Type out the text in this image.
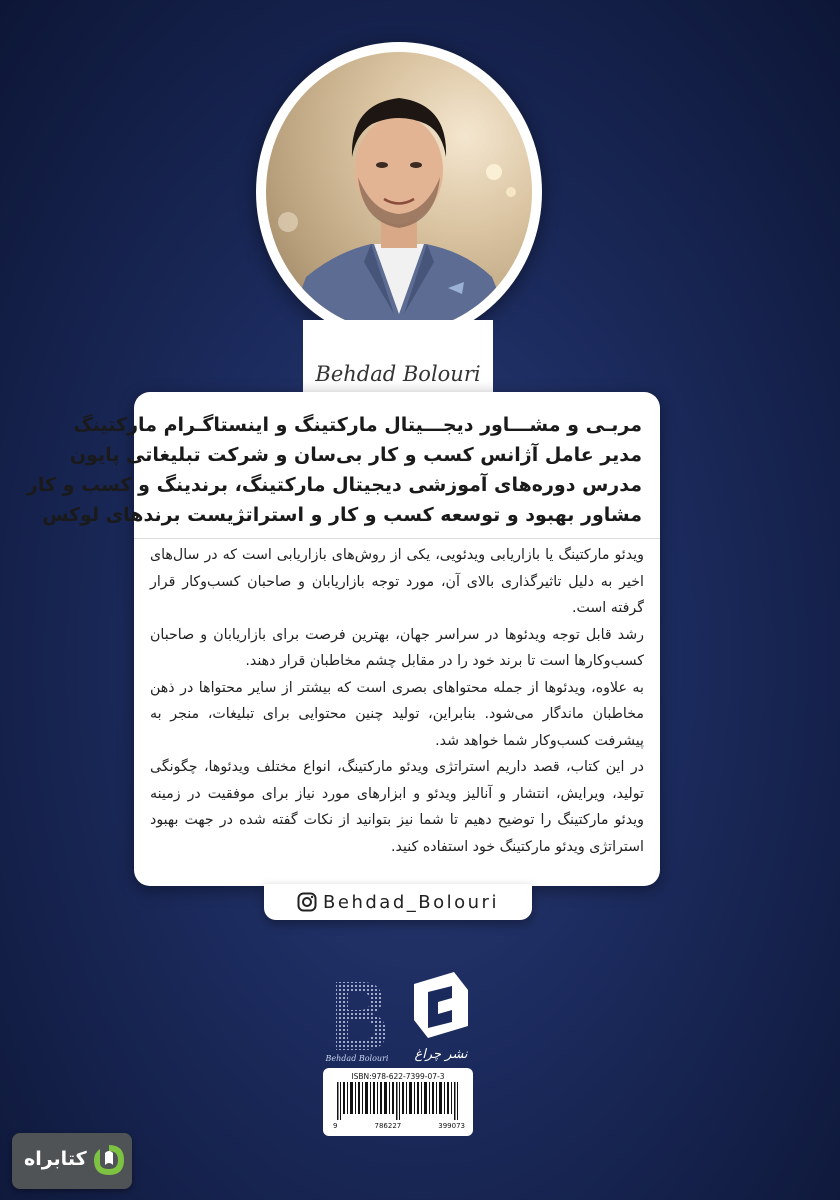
Behdad Bolouri
مربـی و مشـــاور دیجـــیتال مارکتینگ و اینستاگـرام مارکتینگ
مدیر عامل آژانس کسب و کار بی‌سان و شرکت تبلیغاتی پایون
مدرس دوره‌های آموزشی دیجیتال مارکتینگ، برندینگ و کسب و کار
مشاور بهبود و توسعه کسب و کار و استراتژیست برندهای لوکس

ویدئو مارکتینگ یا بازاریابی ویدئویی، یکی از روش‌های بازاریابی است که در سال‌های اخیر به دلیل تاثیرگذاری بالای آن، مورد توجه بازاریابان و صاحبان کسب‌وکار قرار گرفته است.

رشد قابل توجه ویدئوها در سراسر جهان، بهترین فرصت برای بازاریابان و صاحبان کسب‌وکارها است تا برند خود را در مقابل چشم مخاطبان قرار دهند.

به علاوه، ویدئوها از جمله محتواهای بصری است که بیشتر از سایر محتواها در ذهن مخاطبان ماندگار می‌شود. بنابراین، تولید چنین محتوایی برای تبلیغات، منجر به پیشرفت کسب‌وکار شما خواهد شد.

در این کتاب، قصد داریم استراتژی ویدئو مارکتینگ، انواع مختلف ویدئوها، چگونگی تولید، ویرایش، انتشار و آنالیز ویدئو و ابزارهای مورد نیاز برای موفقیت در زمینه ویدئو مارکتینگ را توضیح دهیم تا شما نیز بتوانید از نکات گفته شده در جهت بهبود استراتژی ویدئو مارکتینگ خود استفاده کنید.

Behdad_Bolouri
Behdad Bolouri نشر چراغ
ISBN:978-622-7399-07-3
9	786227	399073
کتابراه
